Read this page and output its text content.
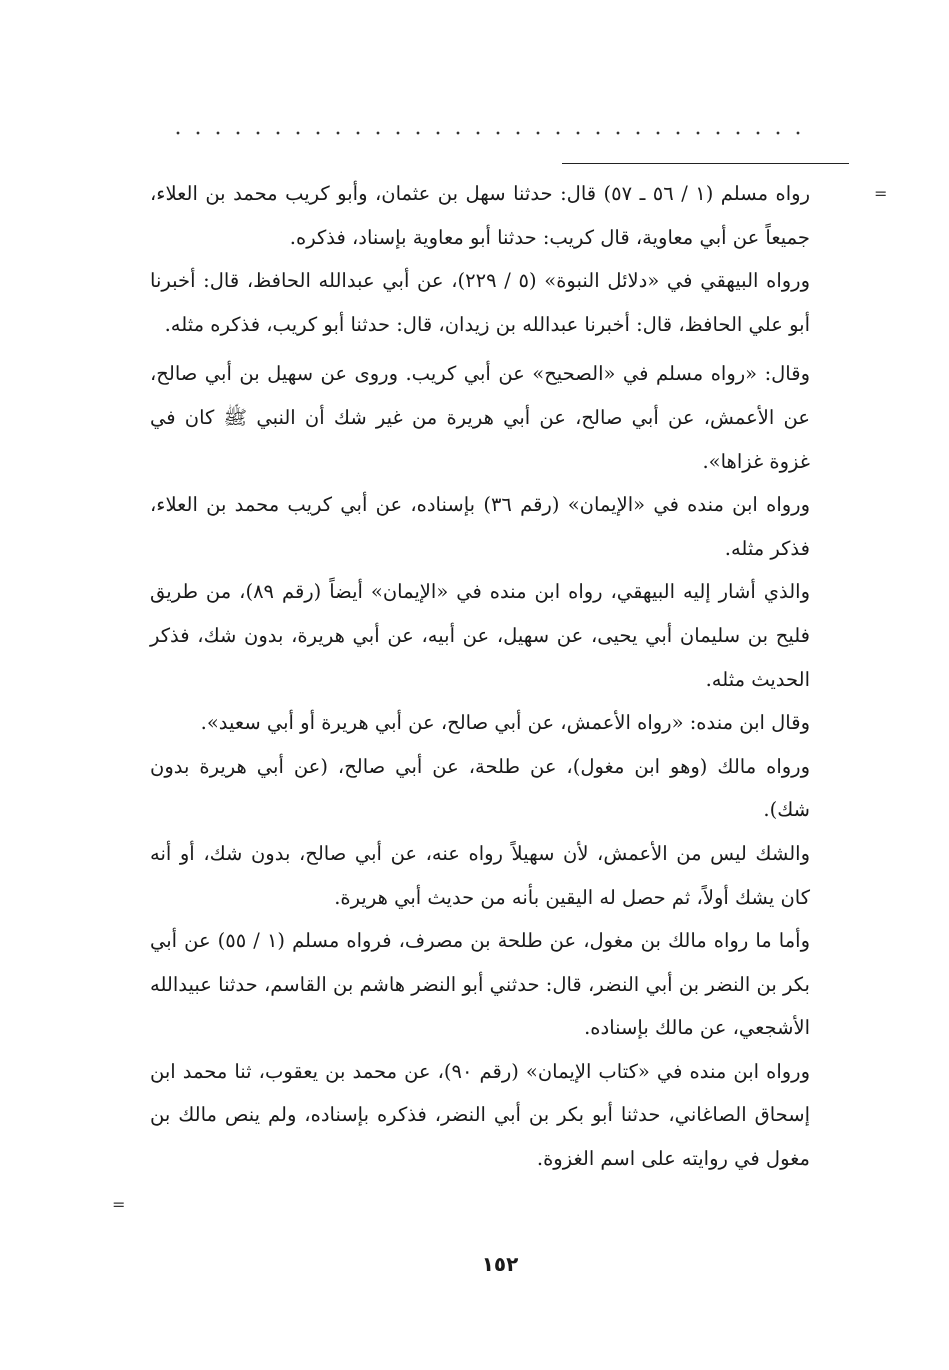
=
=

رواه مسلم (١ / ٥٦ ـ ٥٧) قال: حدثنا سهل بن عثمان، وأبو كريب محمد بن العلاء، جميعاً عن أبي معاوية، قال كريب: حدثنا أبو معاوية بإسناد، فذكره.

ورواه البيهقي في «دلائل النبوة» (٥ / ٢٢٩)، عن أبي عبدالله الحافظ، قال: أخبرنا أبو علي الحافظ، قال: أخبرنا عبدالله بن زيدان، قال: حدثنا أبو كريب، فذكره مثله.

وقال: «رواه مسلم في «الصحيح» عن أبي كريب. وروى عن سهيل بن أبي صالح، عن الأعمش، عن أبي صالح، عن أبي هريرة من غير شك أن النبي ﷺ كان في غزوة غزاها».

ورواه ابن منده في «الإيمان» (رقم ٣٦) بإسناده، عن أبي كريب محمد بن العلاء، فذكر مثله.

والذي أشار إليه البيهقي، رواه ابن منده في «الإيمان» أيضاً (رقم ٨٩)، من طريق فليح بن سليمان أبي يحيى، عن سهيل، عن أبيه، عن أبي هريرة، بدون شك، فذكر الحديث مثله.

وقال ابن منده: «رواه الأعمش، عن أبي صالح، عن أبي هريرة أو أبي سعيد».

ورواه مالك (وهو ابن مغول)، عن طلحة، عن أبي صالح، (عن أبي هريرة بدون شك).

والشك ليس من الأعمش، لأن سهيلاً رواه عنه، عن أبي صالح، بدون شك، أو أنه كان يشك أولاً، ثم حصل له اليقين بأنه من حديث أبي هريرة.

وأما ما رواه مالك بن مغول، عن طلحة بن مصرف، فرواه مسلم (١ / ٥٥) عن أبي بكر بن النضر بن أبي النضر، قال: حدثني أبو النضر هاشم بن القاسم، حدثنا عبيدالله الأشجعي، عن مالك بإسناده.

ورواه ابن منده في «كتاب الإيمان» (رقم ٩٠)، عن محمد بن يعقوب، ثنا محمد ابن إسحاق الصاغاني، حدثنا أبو بكر بن أبي النضر، فذكره بإسناده، ولم ينص مالك بن مغول في روايته على اسم الغزوة.

١٥٢
